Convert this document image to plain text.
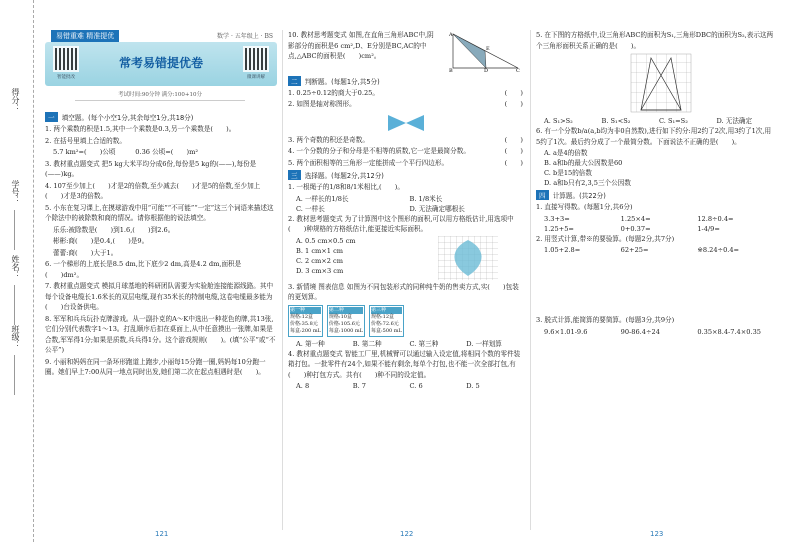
得分：
学号：
姓名：
班级：
易错重难 精准提优	数学 · 五年级上 · BS
智能批改
常考易错提优卷
微课讲解
考试时间:90分钟 满分:100+10分
一 填空题。(每个小空1分,其余每空1分,共18分)
1. 两个乘数的积是1.5,其中一个乘数是0.3,另一个乘数是(　　)。
2. 在括号里填上合适的数。
5.7 km²=(　　)公顷　　　0.36 公顷=(　　)m²
3. 教材重点题变式 把5 kg大米平均分成6份,每份是5 kg的(——),每份是(——)kg。
4. 107至少加上(　　)才是2的倍数,至少减去(　　)才是5的倍数,至少加上(　　)才是3的倍数。
5. 小东在复习课上,在摸球游戏中用“可能”“不可能”“一定”这三个词语来描述这个除法中的被除数和商的情况。请你根据他的说法填空。
乐乐:被除数是(　　)到1.6,(　　)到2.6。
彬彬:商(　　)是0.4,(　　)是9。
蕾蕾:商(　　)大于1。
6. 一个梯形的上底长是8.5 dm,比下底少2 dm,高是4.2 dm,面积是(　　)dm²。
7. 教材重点题变式 模拟月球基地的科研团队需要为实验舱连接能源线路。其中每个设备电缆长1.6米长的双层电缆,现有35米长的特制电缆,这卷电缆最多能为(　　)台设备供电。
8. 军军和兵兵玩扑克牌游戏。从一副扑克的A～K中选出一种花色的牌,共13张,它们分别代表数字1～13。打乱顺序后扣在桌面上,从中任意摸出一张牌,如果是合数,军军得1分;如果是质数,兵兵得1分。这个游戏规则(　　)。(填“公平”或“不公平”)
9. 小丽和妈妈在同一条环形跑道上跑步,小丽每15分跑一圈,妈妈每10分跑一圈。她们早上7:00从同一地点同时出发,她们第二次在起点相遇时是(　　)。
121
10. 教材思考题变式 如图,在直角三角形ABC中,阴影部分的面积是6 cm²,D、E分别是BC,AC的中点,△ABC的面积是(　　)cm²。
A
B	D	C
E
二 判断题。(每题1分,共5分)
1. 0.25÷0.12的商大于0.25。	(　　)
2. 如图是轴对称图形。	(　　)
3. 两个奇数的积还是奇数。	(　　)
4. 一个分数的分子和分母是不相等的质数,它一定是最简分数。	(　　)
5. 两个面积相等的三角形一定能拼成一个平行四边形。	(　　)
三 选择题。(每题2分,共12分)
1. 一根绳子的1/8和8/1米相比,(　　)。
A. 一样长的1/8长	B. 1/8米长
C. 一样长	D. 无法确定哪根长
2. 教材思考题变式 为了计算图中这个图形的面积,可以用方格纸估计,用选项中(　　)种规格的方格纸估计,能更接近实际面积。
A. 0.5 cm×0.5 cm
B. 1 cm×1 cm
C. 2 cm×2 cm
D. 3 cm×3 cm
3. 新情境 图表信息 如图为不同包装形式的同种纯牛奶的售卖方式,实(　　)包装的更划算。
第一种
规格:12盒
价格:35.8元
每盒:200 mL
第二种
规格:10盒
价格:105.6元
每盒:1000 mL
第三种
规格:12盒
价格:72.6元
每盒:500 mL
A. 第一种	B. 第二种	C. 第三种	D. 一样划算
4. 教材重点题变式 智能工厂里,机械臂可以通过输入设定值,将相同个数的零件装箱打包。一批零件有24个,如果不能有剩余,每单个打包,也不能一次全部打包,有(　　)种打包方式。共有(　　)种不同的设定值。
A. 8	B. 7	C. 6	D. 5
122
5. 在下图的方格纸中,设三角形ABC的面积为S₁,三角形DBC的面积为S₂,表示这两个三角形面积关系正确的是(　　)。
A. S₁>S₂	B. S₁<S₂	C. S₁=S₂	D. 无法确定
6. 有一个分数b/a(a,b均为非0自然数),进行如下约分:用2约了2次,用3约了1次,用5约了1次。最后约分成了一个最简分数。下面说法不正确的是(　　)。
A. a是4的倍数
B. a和b的最大公因数是60
C. b是15的倍数
D. a和b只有2,3,5三个公因数
四 计算题。(共22分)
1. 直接写得数。(每题1分,共6分)
3.3+3=	1.25×4=	12.8÷0.4=
1.25+5=	0+0.37=	1-4/9=
2. 用竖式计算,带※的要验算。(每题2分,共7分)
1.05+2.8=	62+25=	※8.24÷0.4=
3. 脱式计算,能简算的要简算。(每题3分,共9分)
9.6×1.01-9.6	90-86.4÷24	0.35×8.4-7.4×0.35
123
